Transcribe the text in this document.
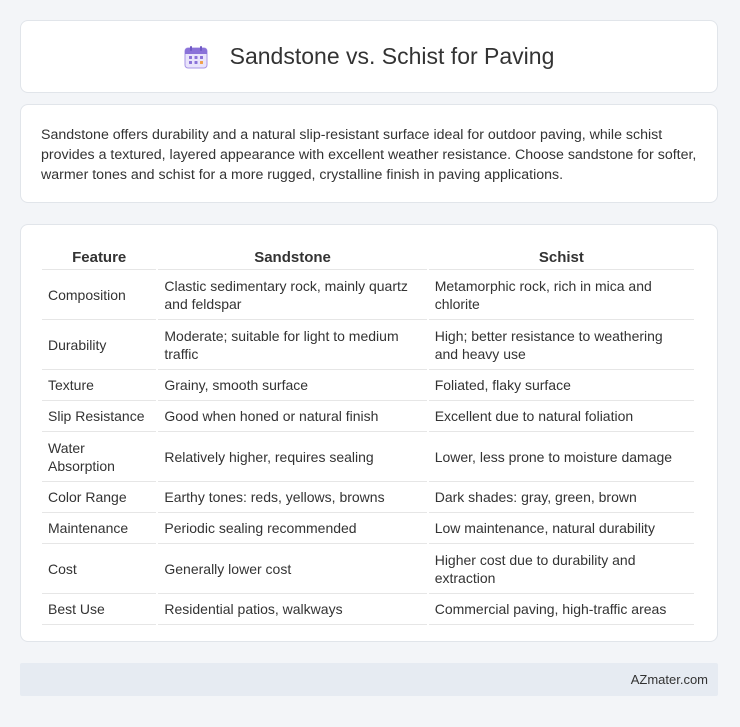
Sandstone vs. Schist for Paving

Sandstone offers durability and a natural slip-resistant surface ideal for outdoor paving, while schist provides a textured, layered appearance with excellent weather resistance. Choose sandstone for softer, warmer tones and schist for a more rugged, crystalline finish in paving applications.

Feature	Sandstone	Schist
Composition	Clastic sedimentary rock, mainly quartz and feldspar	Metamorphic rock, rich in mica and chlorite
Durability	Moderate; suitable for light to medium traffic	High; better resistance to weathering and heavy use
Texture	Grainy, smooth surface	Foliated, flaky surface
Slip Resistance	Good when honed or natural finish	Excellent due to natural foliation
Water Absorption	Relatively higher, requires sealing	Lower, less prone to moisture damage
Color Range	Earthy tones: reds, yellows, browns	Dark shades: gray, green, brown
Maintenance	Periodic sealing recommended	Low maintenance, natural durability
Cost	Generally lower cost	Higher cost due to durability and extraction
Best Use	Residential patios, walkways	Commercial paving, high-traffic areas
AZmater.com
